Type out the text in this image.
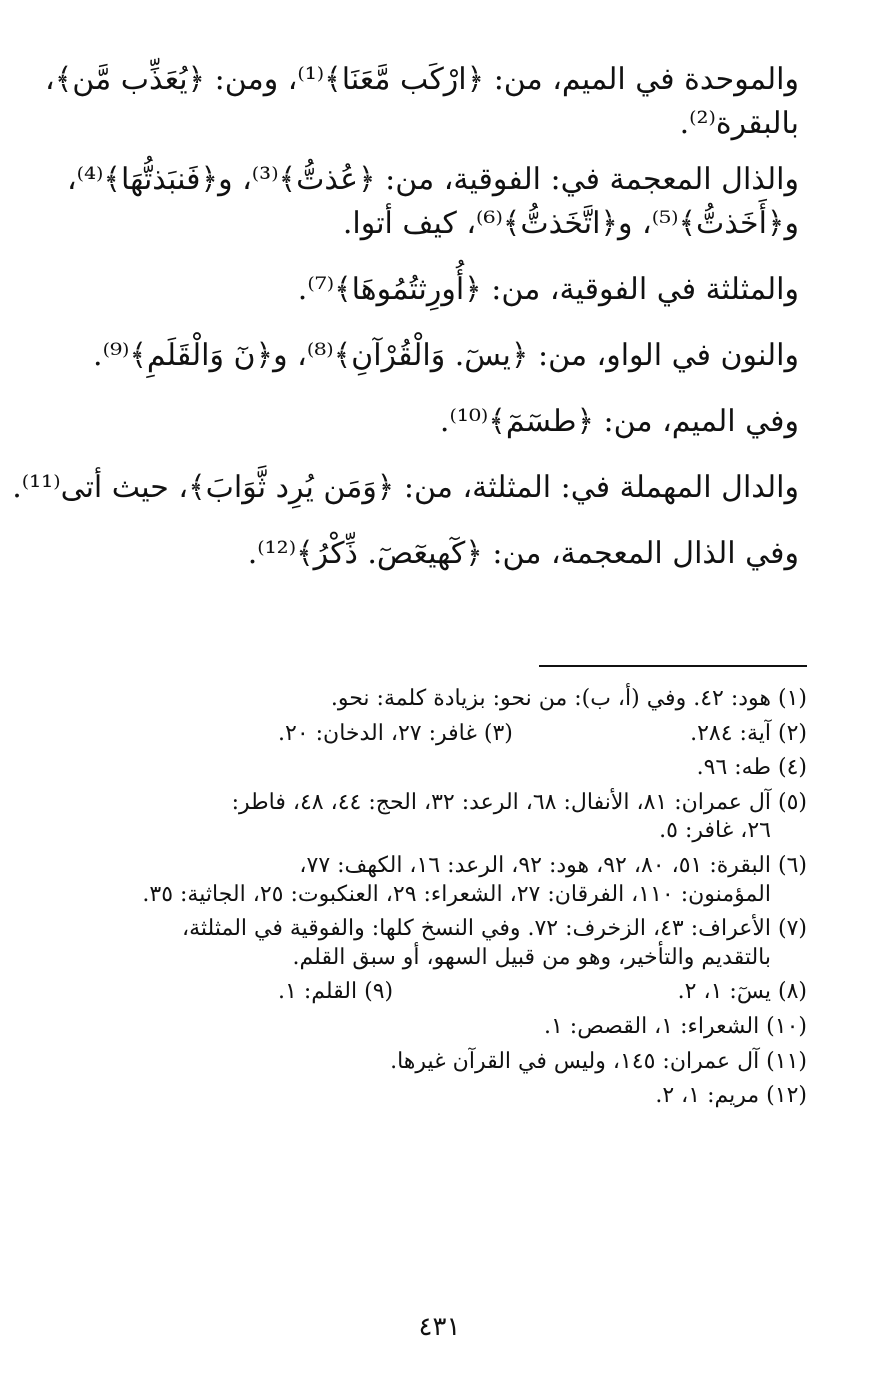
والموحدة في الميم، من: ﴿ارْكَب مَّعَنَا﴾⁽¹⁾، ومن: ﴿يُعَذِّب مَّن﴾،
بالبقرة⁽²⁾.
والذال المعجمة في: الفوقية، من: ﴿عُذتُّ﴾⁽³⁾، و﴿فَنبَذتُّهَا﴾⁽⁴⁾،
و﴿أَخَذتُّ﴾⁽⁵⁾، و﴿اتَّخَذتُّ﴾⁽⁶⁾، كيف أتوا.
والمثلثة في الفوقية، من: ﴿أُورِثتُمُوهَا﴾⁽⁷⁾.
والنون في الواو، من: ﴿يسٓ. وَالْقُرْآنِ﴾⁽⁸⁾، و﴿نٓ وَالْقَلَمِ﴾⁽⁹⁾.
وفي الميم، من: ﴿طسٓمٓ﴾⁽¹⁰⁾.
والدال المهملة في: المثلثة، من: ﴿وَمَن يُرِد ثَّوَابَ﴾، حيث أتى⁽¹¹⁾.
وفي الذال المعجمة، من: ﴿كٓهيعٓصٓ. ذِّكْرُ﴾⁽¹²⁾.
(١) هود: ٤٢. وفي (أ، ب): من نحو: بزيادة كلمة: نحو.
(٢) آية: ٢٨٤.
(٣) غافر: ٢٧، الدخان: ٢٠.
(٤) طه: ٩٦.
(٥) آل عمران: ٨١، الأنفال: ٦٨، الرعد: ٣٢، الحج: ٤٤، ٤٨، فاطر:
٢٦، غافر: ٥.
(٦) البقرة: ٥١، ٨٠، ٩٢، هود: ٩٢، الرعد: ١٦، الكهف: ٧٧،
المؤمنون: ١١٠، الفرقان: ٢٧، الشعراء: ٢٩، العنكبوت: ٢٥، الجاثية: ٣٥.
(٧) الأعراف: ٤٣، الزخرف: ٧٢. وفي النسخ كلها: والفوقية في المثلثة،
بالتقديم والتأخير، وهو من قبيل السهو، أو سبق القلم.
(٨) يسٓ: ١، ٢.
(٩) القلم: ١.
(١٠) الشعراء: ١، القصص: ١.
(١١) آل عمران: ١٤٥، وليس في القرآن غيرها.
(١٢) مريم: ١، ٢.
٤٣١
